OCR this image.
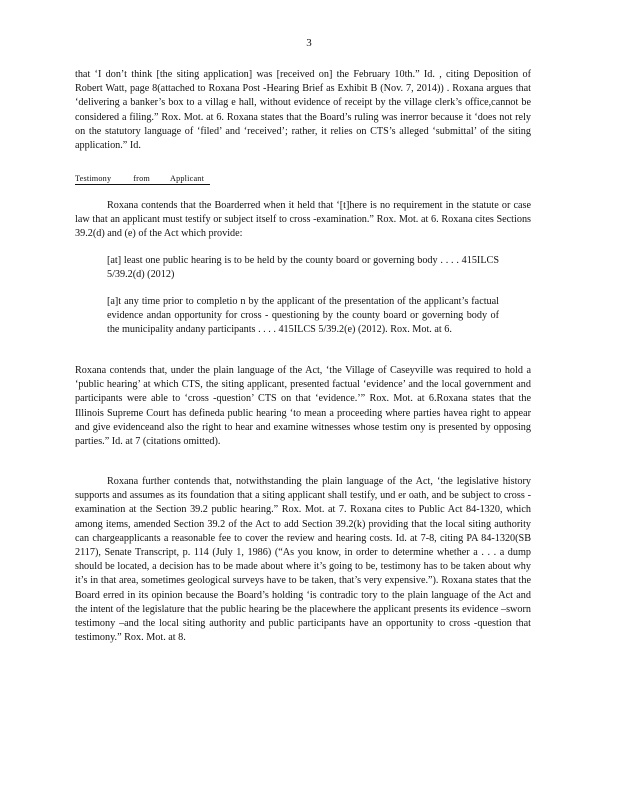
3

that ‘I don’t think [the siting application] was [received on] the February 10th.” Id. , citing Deposition of Robert Watt, page 8(attached to Roxana Post -Hearing Brief as Exhibit B (Nov. 7, 2014)) . Roxana argues that ‘delivering a banker’s box to a villag e hall, without evidence of receipt by the village clerk’s office,cannot be considered a filing.” Rox. Mot. at 6. Roxana states that the Board’s ruling was inerror because it ‘does not rely on the statutory language of ‘filed’ and ‘received’; rather, it relies on CTS’s alleged ‘submittal’ of the siting application.” Id.

Testimony	from Applicant

Roxana contends that the Boarderred when it held that ‘[t]here is no requirement in the statute or case law that an applicant must testify or subject itself to cross -examination.” Rox. Mot. at 6. Roxana cites Sections 39.2(d) and (e) of the Act which provide:

[at] least one public hearing is to be held by the county board or governing body . . . . 415ILCS 5/39.2(d) (2012)

[a]t any time prior to completio n by the applicant of the presentation of the applicant’s factual evidence andan opportunity for cross - questioning by the county board or governing body of the municipality andany participants . . . . 415ILCS 5/39.2(e) (2012). Rox. Mot. at 6.

Roxana contends that, under the plain language of the Act, ‘the Village of Caseyville was required to hold a ‘public hearing’ at which CTS, the siting applicant, presented factual ‘evidence’ and the local government and participants were able to ‘cross -question’ CTS on that ‘evidence.’” Rox. Mot. at 6.Roxana states that the Illinois Supreme Court has defineda public hearing ‘to mean a proceeding where parties havea right to appear and give evidenceand also the right to hear and examine witnesses whose testim ony is presented by opposing parties.” Id. at 7 (citations omitted).

Roxana further contends that, notwithstanding the plain language of the Act, ‘the legislative history supports and assumes as its foundation that a siting applicant shall testify, und er oath, and be subject to cross -examination at the Section 39.2 public hearing.” Rox. Mot. at 7. Roxana cites to Public Act 84-1320, which among items, amended Section 39.2 of the Act to add Section 39.2(k) providing that the local siting authority can chargeapplicants a reasonable fee to cover the review and hearing costs. Id. at 7-8, citing PA 84-1320(SB 2117), Senate Transcript, p. 114 (July 1, 1986) (“As you know, in order to determine whether a . . . a dump should be located, a decision has to be made about where it’s going to be, testimony has to be taken about why it’s in that area, sometimes geological surveys have to be taken, that’s very expensive.”). Roxana states that the Board erred in its opinion because the Board’s holding ‘is contradic tory to the plain language of the Act and the intent of the legislature that the public hearing be the placewhere the applicant presents its evidence –sworn testimony –and the local siting authority and public participants have an opportunity to cross -question that testimony.” Rox. Mot. at 8.
